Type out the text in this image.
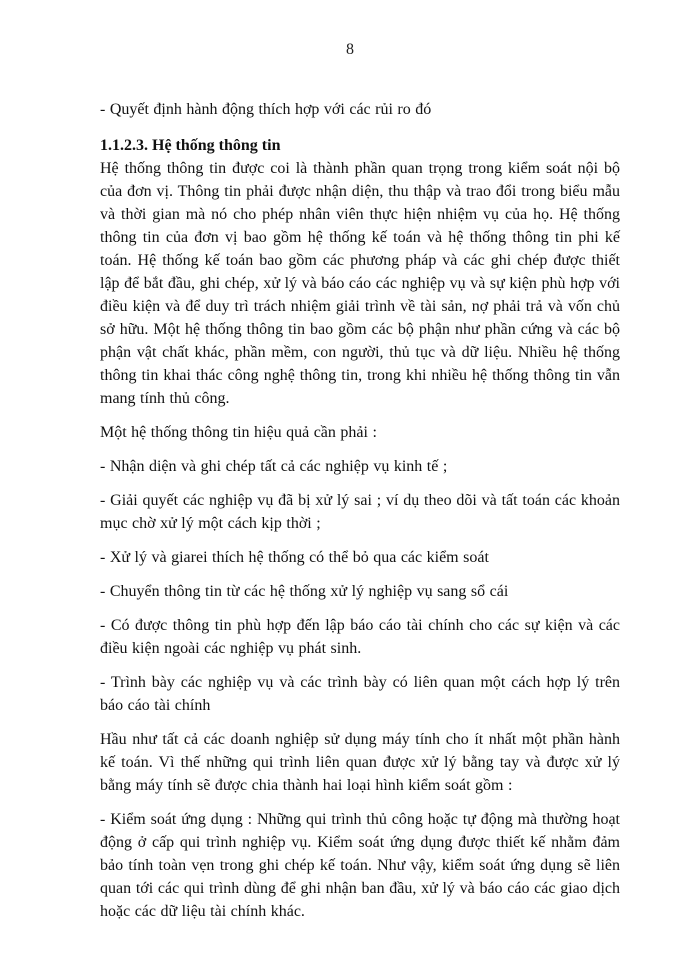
8

- Quyết định hành động thích hợp với các rủi ro đó

1.1.2.3. Hệ thống thông tin

Hệ thống thông tin được coi là thành phần quan trọng trong kiểm soát nội bộ của đơn vị. Thông tin phải được nhận diện, thu thập và trao đổi trong biểu mẫu và thời gian mà nó cho phép nhân viên thực hiện nhiệm vụ của họ. Hệ thống thông tin của đơn vị bao gồm hệ thống kế toán và hệ thống thông tin phi kế toán. Hệ thống kế toán bao gồm các phương pháp và các ghi chép được thiết lập để bắt đầu, ghi chép, xử lý và báo cáo các nghiệp vụ và sự kiện phù hợp với điều kiện và để duy trì trách nhiệm giải trình về tài sản, nợ phải trả và vốn chủ sở hữu. Một hệ thống thông tin bao gồm các bộ phận như phần cứng và các bộ phận vật chất khác, phần mềm, con người, thủ tục và dữ liệu. Nhiều hệ thống thông tin khai thác công nghệ thông tin, trong khi nhiều hệ thống thông tin vẫn mang tính thủ công.

Một hệ thống thông tin hiệu quả cần phải :

- Nhận diện và ghi chép tất cả các nghiệp vụ kinh tế ;

- Giải quyết các nghiệp vụ đã bị xử lý sai ; ví dụ theo dõi và tất toán các khoản mục chờ xử lý một cách kịp thời ;

- Xử lý và giarei thích hệ thống có thể bỏ qua các kiểm soát

- Chuyển thông tin từ các hệ thống xử lý nghiệp vụ sang sổ cái

- Có được thông tin phù hợp đến lập báo cáo tài chính cho các sự kiện và các điều kiện ngoài các nghiệp vụ phát sinh.

- Trình bày các nghiệp vụ và các trình bày có liên quan một cách hợp lý trên báo cáo tài chính

Hầu như tất cả các doanh nghiệp sử dụng máy tính cho ít nhất một phần hành kế toán. Vì thế những qui trình liên quan được xử lý bằng tay và được xử lý bằng máy tính sẽ được chia thành hai loại hình kiểm soát gồm :

- Kiểm soát ứng dụng : Những qui trình thủ công hoặc tự động mà thường hoạt động ở cấp qui trình nghiệp vụ. Kiểm soát ứng dụng được thiết kế nhằm đảm bảo tính toàn vẹn trong ghi chép kế toán. Như vậy, kiểm soát ứng dụng sẽ liên quan tới các qui trình dùng để ghi nhận ban đầu, xử lý và báo cáo các giao dịch hoặc các dữ liệu tài chính khác.
